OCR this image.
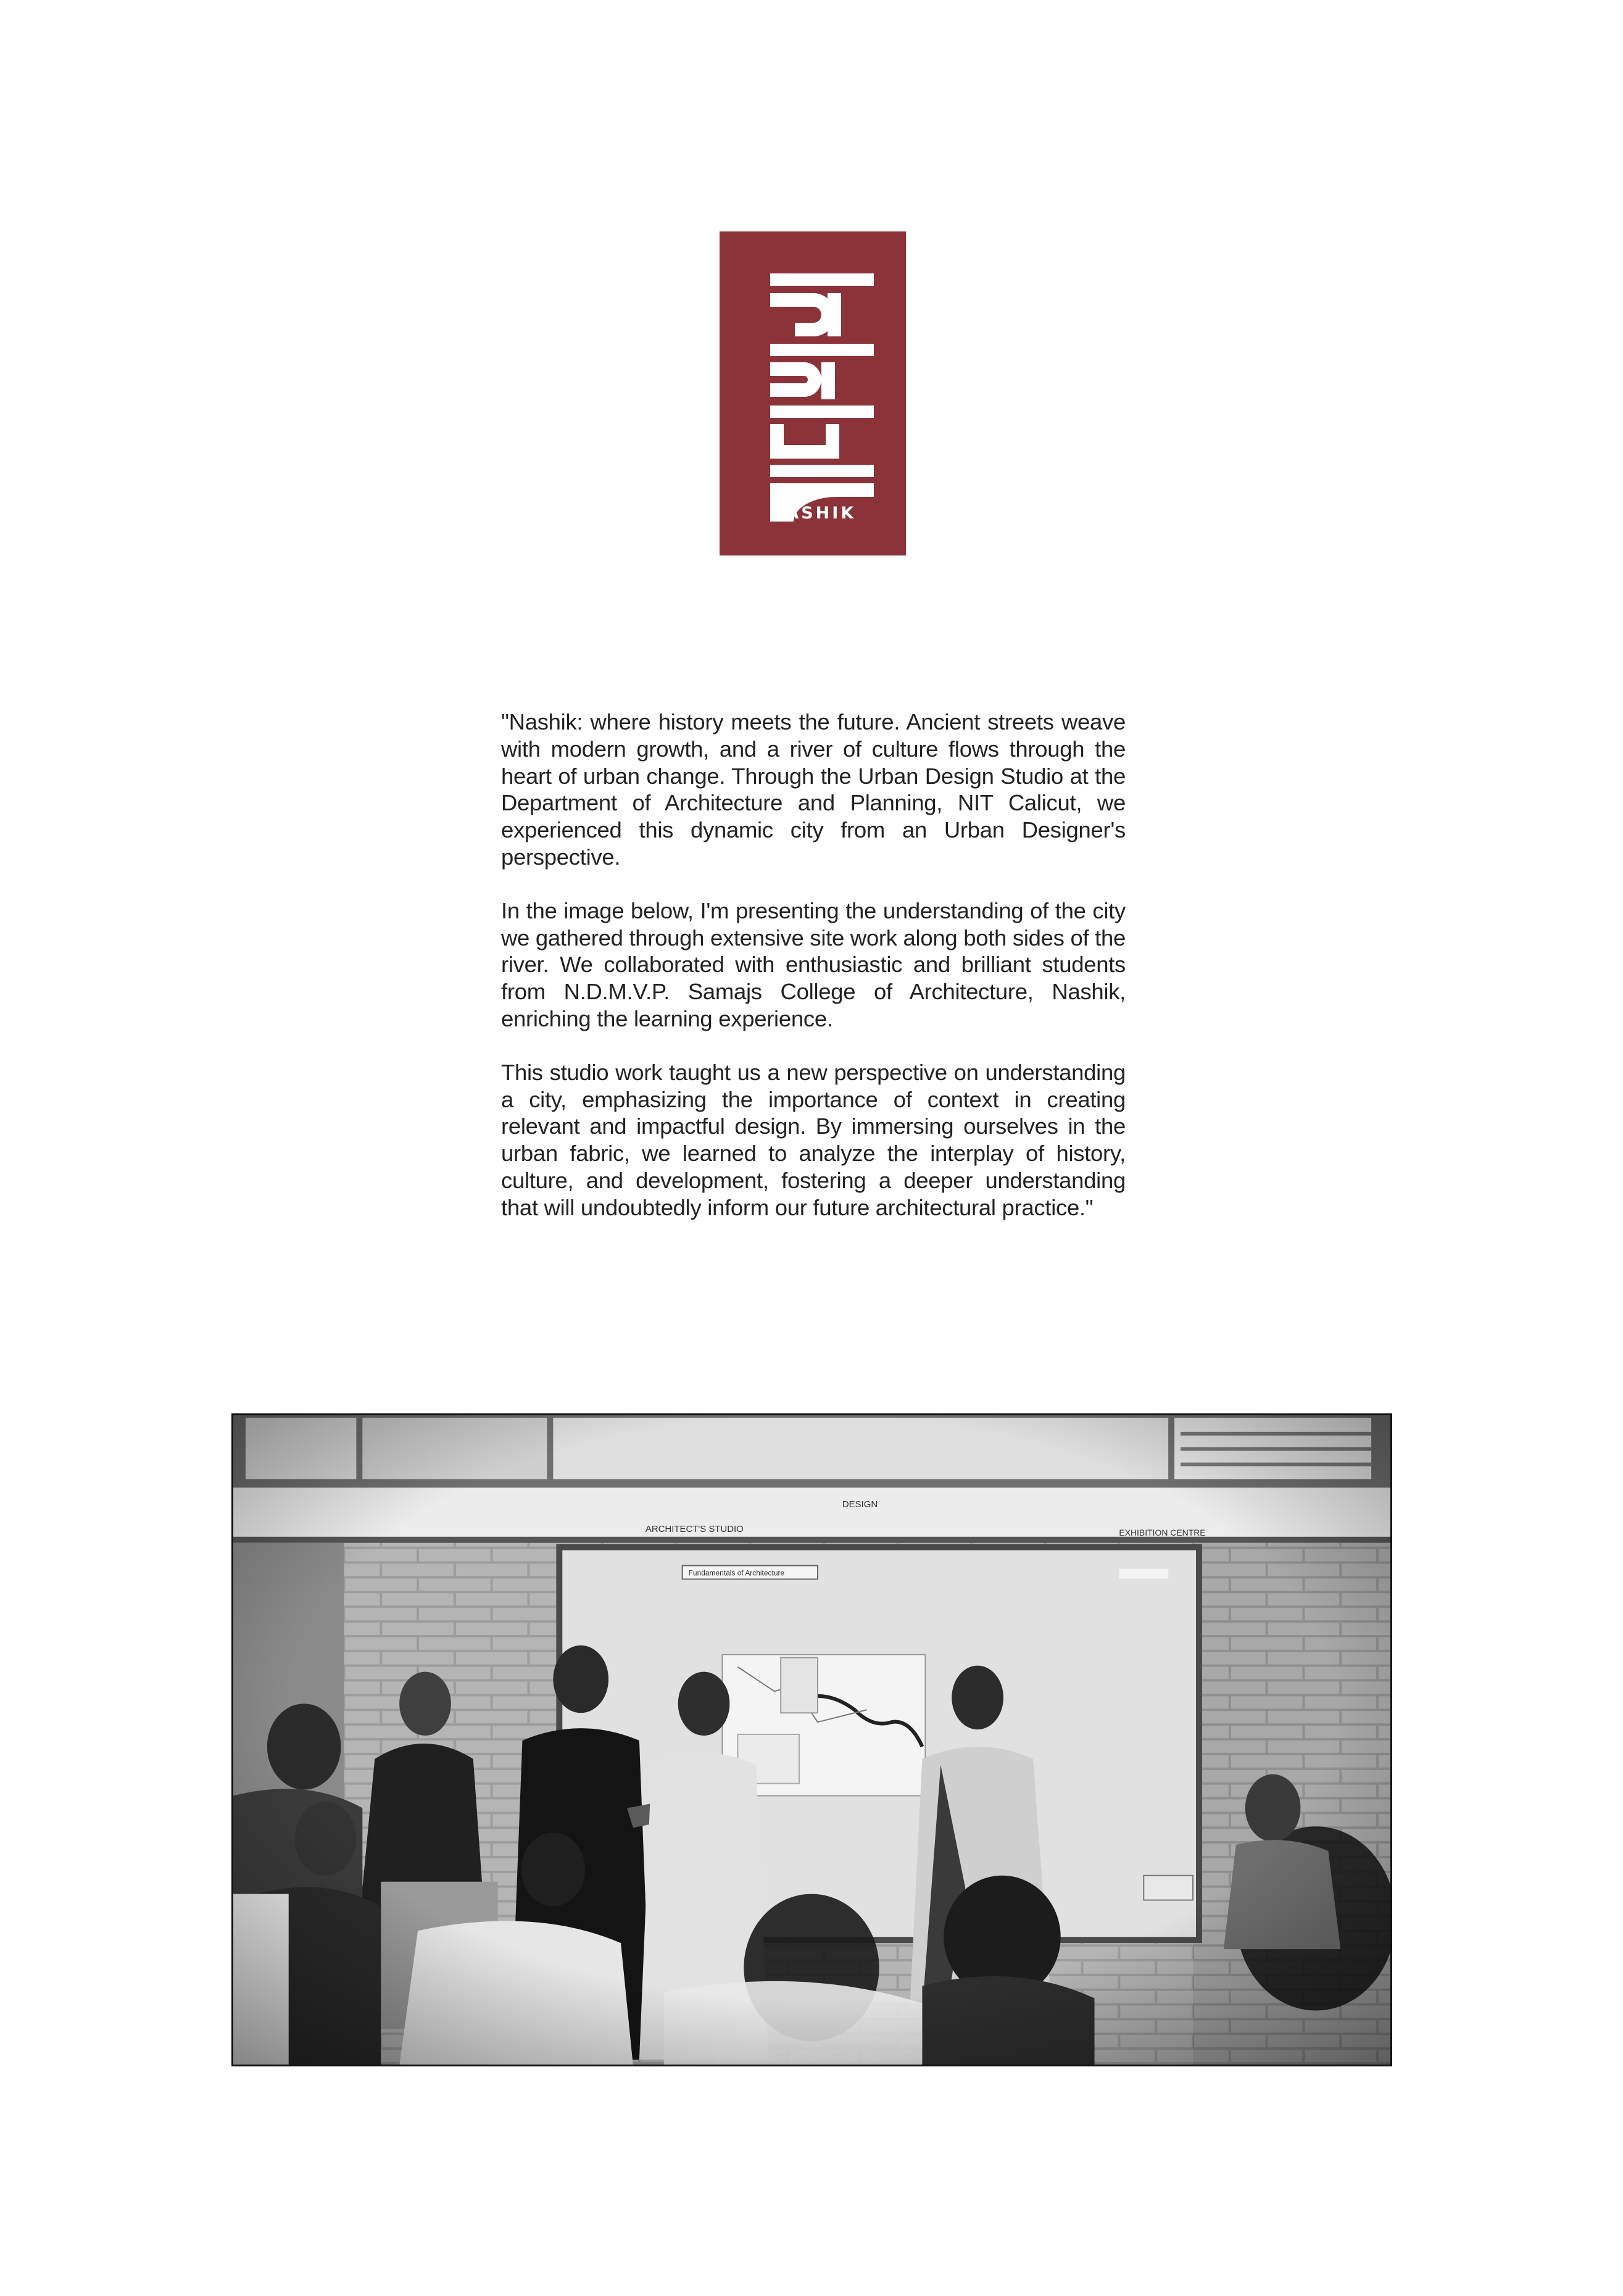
NASHIK

"Nashik: where history meets the future. Ancient streets weave with modern growth, and a river of culture flows through the heart of urban change. Through the Urban Design Studio at the Department of Architecture and Planning, NIT Calicut, we experienced this dynamic city from an Urban Designer's perspective.

In the image below, I'm presenting the understanding of the city we gathered through extensive site work along both sides of the river. We collaborated with enthusiastic and brilliant students from N.D.M.V.P. Samajs College of Architecture, Nashik, enriching the learning experience.

This studio work taught us a new perspective on understanding a city, emphasizing the importance of context in creating relevant and impactful design. By immersing ourselves in the urban fabric, we learned to analyze the interplay of history, culture, and development, fostering a deeper understanding that will undoubtedly inform our future architectural practice."
